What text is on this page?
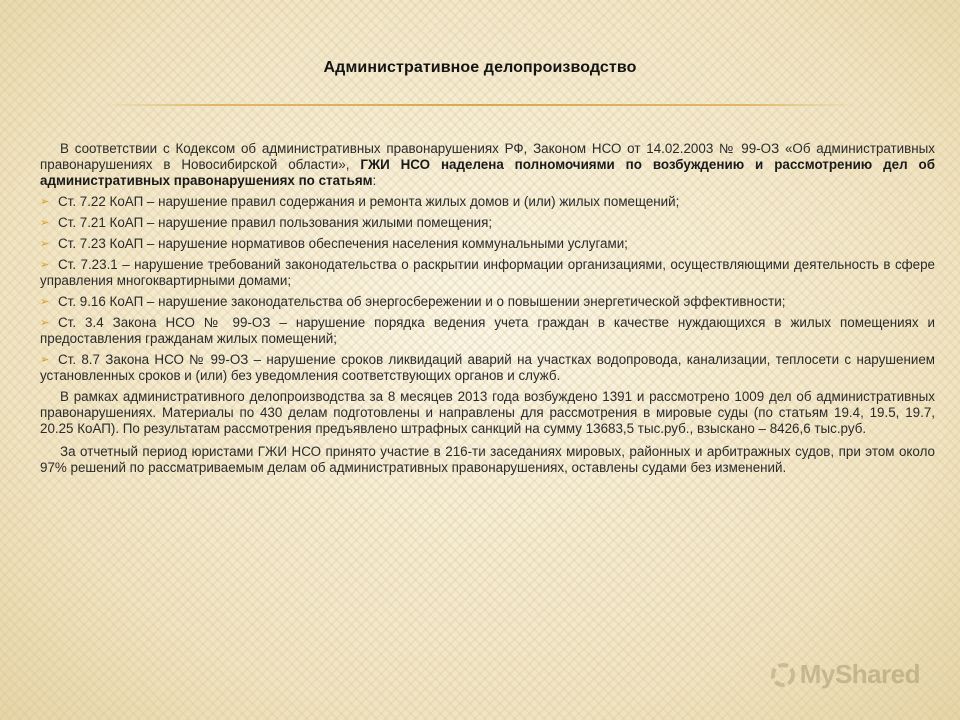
Административное делопроизводство

В соответствии с Кодексом об административных правонарушениях РФ, Законом НСО от 14.02.2003 № 99-ОЗ «Об административных правонарушениях в Новосибирской области», ГЖИ НСО наделена полномочиями по возбуждению и рассмотрению дел об административных правонарушениях по статьям:

➢ Ст. 7.22 КоАП – нарушение правил содержания и ремонта жилых домов и (или) жилых помещений;
➢ Ст. 7.21 КоАП – нарушение правил пользования жилыми помещения;
➢ Ст. 7.23 КоАП – нарушение нормативов обеспечения населения коммунальными услугами;
➢ Ст. 7.23.1 – нарушение требований законодательства о раскрытии информации организациями, осуществляющими деятельность в сфере управления многоквартирными домами;
➢ Ст. 9.16 КоАП – нарушение законодательства об энергосбережении и о повышении энергетической эффективности;
➢ Ст. 3.4 Закона НСО № 99-ОЗ – нарушение порядка ведения учета граждан в качестве нуждающихся в жилых помещениях и предоставления гражданам жилых помещений;
➢ Ст. 8.7 Закона НСО № 99-ОЗ – нарушение сроков ликвидаций аварий на участках водопровода, канализации, теплосети с нарушением установленных сроков и (или) без уведомления соответствующих органов и служб.

В рамках административного делопроизводства за 8 месяцев 2013 года возбуждено 1391 и рассмотрено 1009 дел об административных правонарушениях. Материалы по 430 делам подготовлены и направлены для рассмотрения в мировые суды (по статьям 19.4, 19.5, 19.7, 20.25 КоАП). По результатам рассмотрения предъявлено штрафных санкций на сумму 13683,5 тыс.руб., взыскано – 8426,6 тыс.руб.

За отчетный период юристами ГЖИ НСО принято участие в 216-ти заседаниях мировых, районных и арбитражных судов, при этом около 97% решений по рассматриваемым делам об административных правонарушениях, оставлены судами без изменений.

MyShared
